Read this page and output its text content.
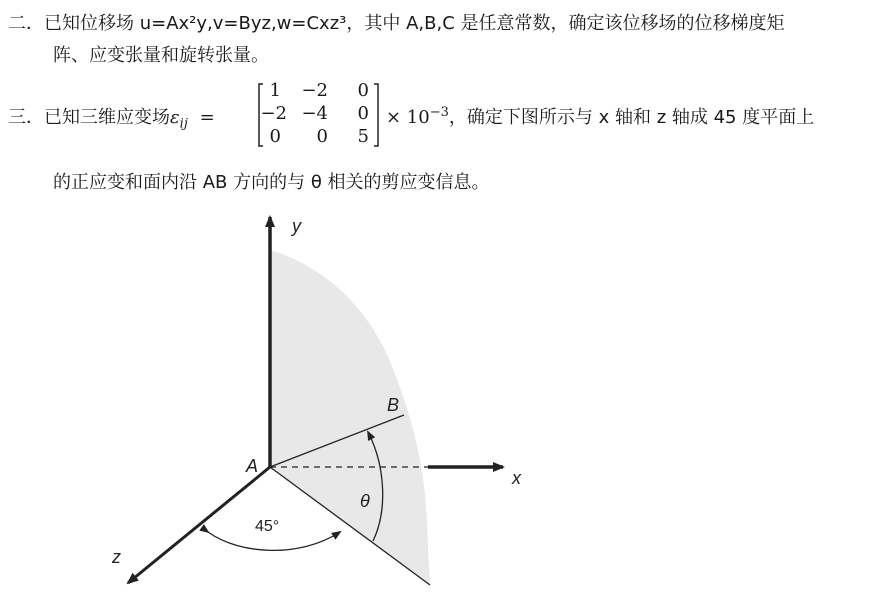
二．已知位移场 u=Ax²y,v=Byz,w=Cxz³，其中 A,B,C 是任意常数，确定该位移场的位移梯度矩
阵、应变张量和旋转张量。
三．已知三维应变场$\varepsilon_{ij}$ =
1	−2	0
−2 −4	0
0	0	5
× $10^{-3}$，确定下图所示与 x 轴和 z 轴成 45 度平面上
的正应变和面内沿 AB 方向的与 θ 相关的剪应变信息。
y
x
z
A
B
θ
45°
